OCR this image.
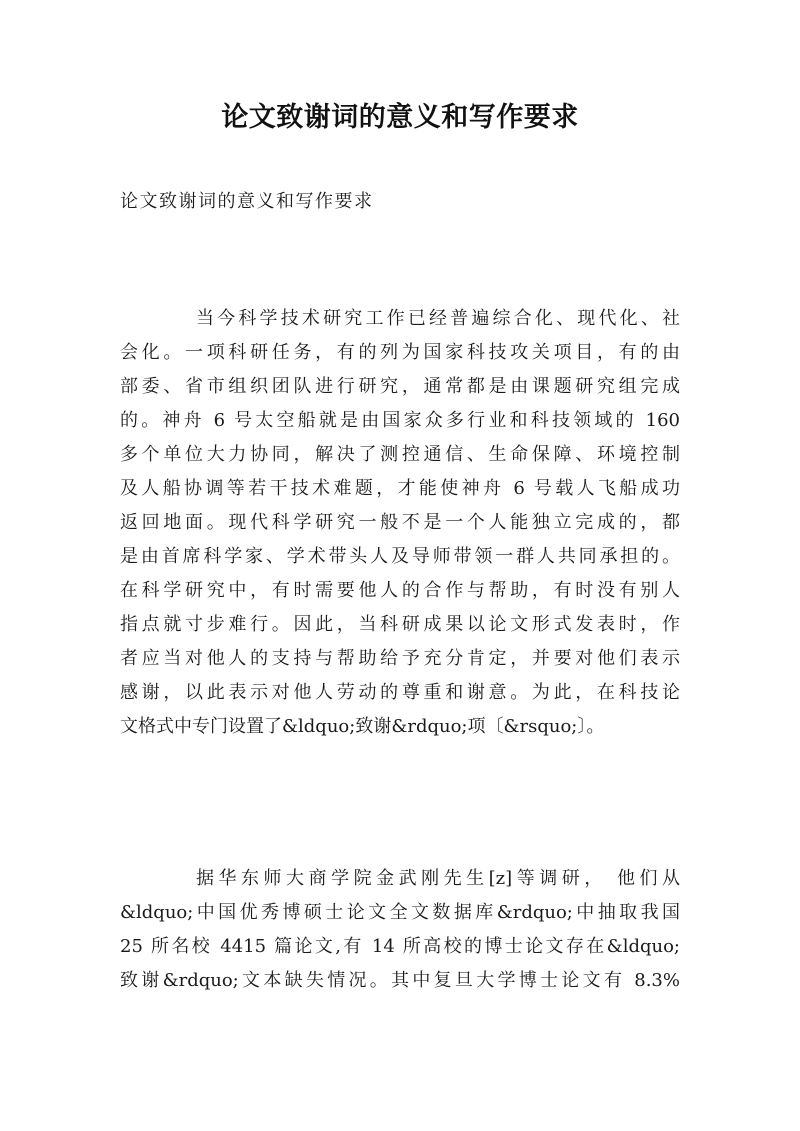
论文致谢词的意义和写作要求
论文致谢词的意义和写作要求
当今科学技术研究工作已经普遍综合化、现代化、社
会化。一项科研任务，有的列为国家科技攻关项目，有的由
部委、省市组织团队进行研究，通常都是由课题研究组完成
的。神舟 6 号太空船就是由国家众多行业和科技领域的 160
多个单位大力协同，解决了测控通信、生命保障、环境控制
及人船协调等若干技术难题，才能使神舟 6 号载人飞船成功
返回地面。现代科学研究一般不是一个人能独立完成的，都
是由首席科学家、学术带头人及导师带领一群人共同承担的。
在科学研究中，有时需要他人的合作与帮助，有时没有别人
指点就寸步难行。因此，当科研成果以论文形式发表时，作
者应当对他人的支持与帮助给予充分肯定，并要对他们表示
感谢，以此表示对他人劳动的尊重和谢意。为此，在科技论
文格式中专门设置了&ldquo;致谢&rdquo;项〔&rsquo;〕。
据华东师大商学院金武刚先生[z]等调研， 他们从
&ldquo;中国优秀博硕士论文全文数据库&rdquo;中抽取我国
25 所名校 4415 篇论文,有 14 所高校的博士论文存在&ldquo;
致谢&rdquo;文本缺失情况。其中复旦大学博士论文有 8.3%
